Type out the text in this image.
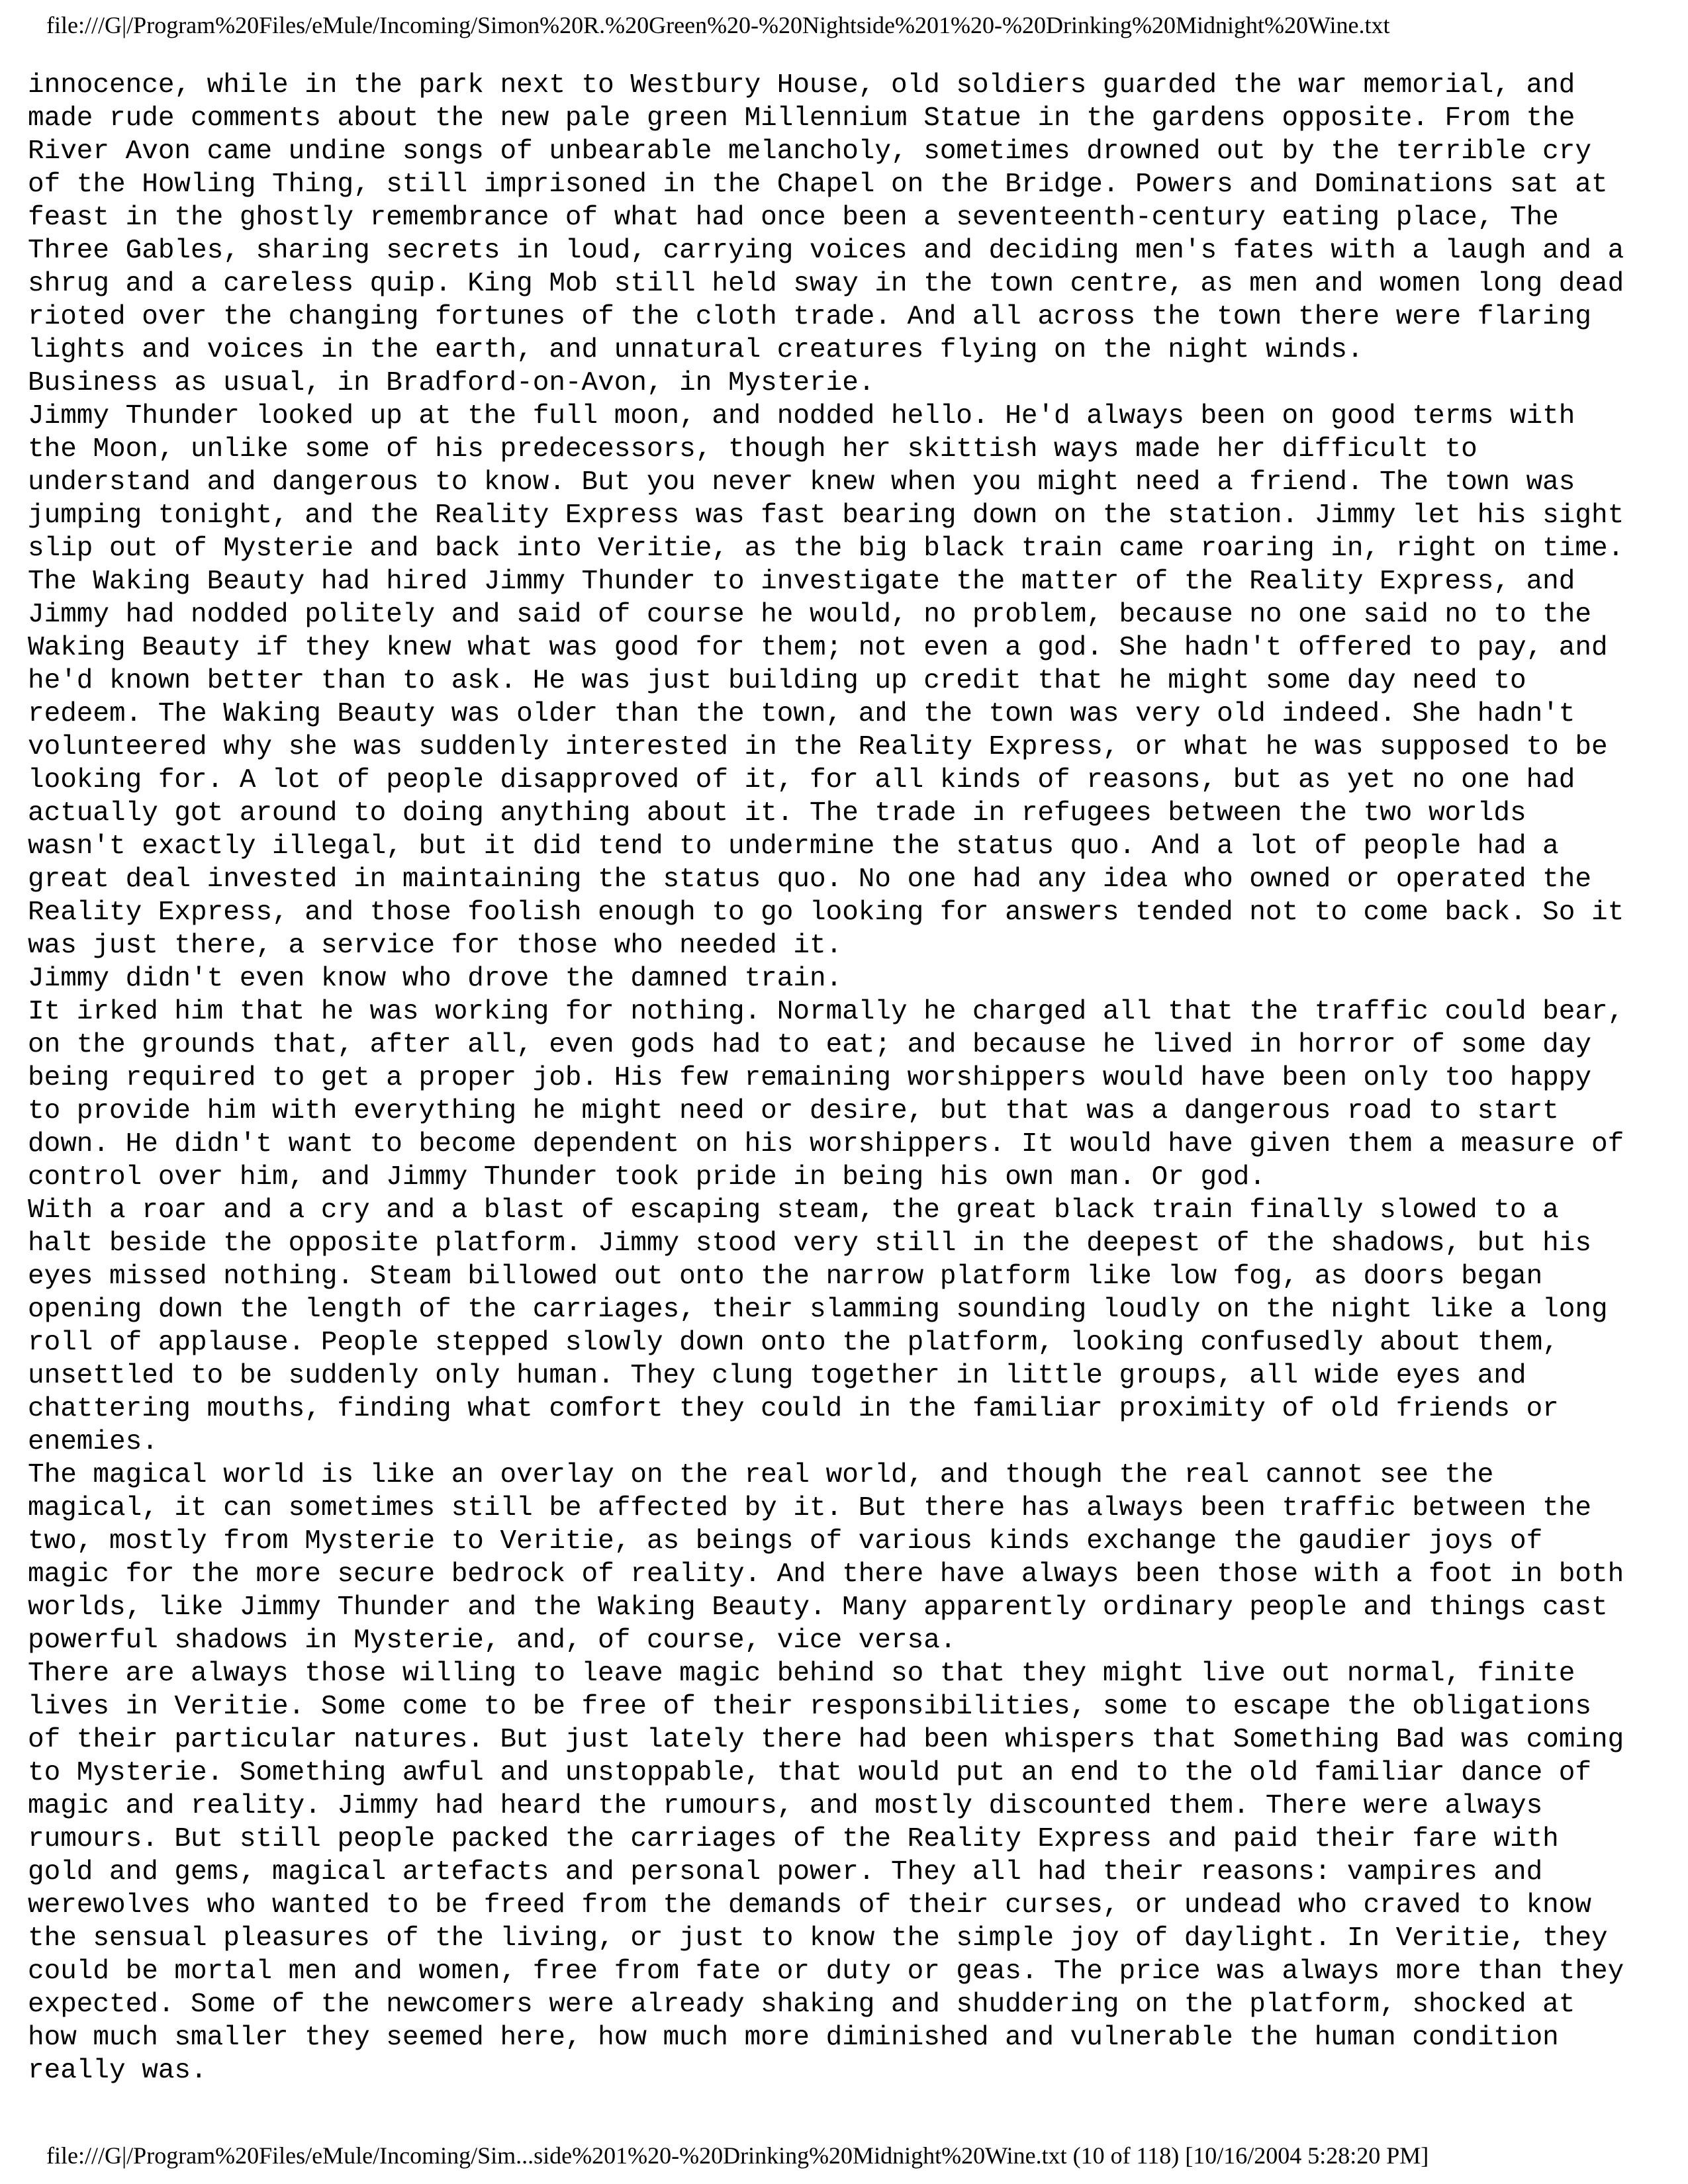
file:///G|/Program%20Files/eMule/Incoming/Simon%20R.%20Green%20-%20Nightside%201%20-%20Drinking%20Midnight%20Wine.txt
innocence, while in the park next to Westbury House, old soldiers guarded the war memorial, and
made rude comments about the new pale green Millennium Statue in the gardens opposite. From the
River Avon came undine songs of unbearable melancholy, sometimes drowned out by the terrible cry
of the Howling Thing, still imprisoned in the Chapel on the Bridge. Powers and Dominations sat at
feast in the ghostly remembrance of what had once been a seventeenth-century eating place, The
Three Gables, sharing secrets in loud, carrying voices and deciding men's fates with a laugh and a
shrug and a careless quip. King Mob still held sway in the town centre, as men and women long dead
rioted over the changing fortunes of the cloth trade. And all across the town there were flaring
lights and voices in the earth, and unnatural creatures flying on the night winds.
Business as usual, in Bradford-on-Avon, in Mysterie.
Jimmy Thunder looked up at the full moon, and nodded hello. He'd always been on good terms with
the Moon, unlike some of his predecessors, though her skittish ways made her difficult to
understand and dangerous to know. But you never knew when you might need a friend. The town was
jumping tonight, and the Reality Express was fast bearing down on the station. Jimmy let his sight
slip out of Mysterie and back into Veritie, as the big black train came roaring in, right on time.
The Waking Beauty had hired Jimmy Thunder to investigate the matter of the Reality Express, and
Jimmy had nodded politely and said of course he would, no problem, because no one said no to the
Waking Beauty if they knew what was good for them; not even a god. She hadn't offered to pay, and
he'd known better than to ask. He was just building up credit that he might some day need to
redeem. The Waking Beauty was older than the town, and the town was very old indeed. She hadn't
volunteered why she was suddenly interested in the Reality Express, or what he was supposed to be
looking for. A lot of people disapproved of it, for all kinds of reasons, but as yet no one had
actually got around to doing anything about it. The trade in refugees between the two worlds
wasn't exactly illegal, but it did tend to undermine the status quo. And a lot of people had a
great deal invested in maintaining the status quo. No one had any idea who owned or operated the
Reality Express, and those foolish enough to go looking for answers tended not to come back. So it
was just there, a service for those who needed it.
Jimmy didn't even know who drove the damned train.
It irked him that he was working for nothing. Normally he charged all that the traffic could bear,
on the grounds that, after all, even gods had to eat; and because he lived in horror of some day
being required to get a proper job. His few remaining worshippers would have been only too happy
to provide him with everything he might need or desire, but that was a dangerous road to start
down. He didn't want to become dependent on his worshippers. It would have given them a measure of
control over him, and Jimmy Thunder took pride in being his own man. Or god.
With a roar and a cry and a blast of escaping steam, the great black train finally slowed to a
halt beside the opposite platform. Jimmy stood very still in the deepest of the shadows, but his
eyes missed nothing. Steam billowed out onto the narrow platform like low fog, as doors began
opening down the length of the carriages, their slamming sounding loudly on the night like a long
roll of applause. People stepped slowly down onto the platform, looking confusedly about them,
unsettled to be suddenly only human. They clung together in little groups, all wide eyes and
chattering mouths, finding what comfort they could in the familiar proximity of old friends or
enemies.
The magical world is like an overlay on the real world, and though the real cannot see the
magical, it can sometimes still be affected by it. But there has always been traffic between the
two, mostly from Mysterie to Veritie, as beings of various kinds exchange the gaudier joys of
magic for the more secure bedrock of reality. And there have always been those with a foot in both
worlds, like Jimmy Thunder and the Waking Beauty. Many apparently ordinary people and things cast
powerful shadows in Mysterie, and, of course, vice versa.
There are always those willing to leave magic behind so that they might live out normal, finite
lives in Veritie. Some come to be free of their responsibilities, some to escape the obligations
of their particular natures. But just lately there had been whispers that Something Bad was coming
to Mysterie. Something awful and unstoppable, that would put an end to the old familiar dance of
magic and reality. Jimmy had heard the rumours, and mostly discounted them. There were always
rumours. But still people packed the carriages of the Reality Express and paid their fare with
gold and gems, magical artefacts and personal power. They all had their reasons: vampires and
werewolves who wanted to be freed from the demands of their curses, or undead who craved to know
the sensual pleasures of the living, or just to know the simple joy of daylight. In Veritie, they
could be mortal men and women, free from fate or duty or geas. The price was always more than they
expected. Some of the newcomers were already shaking and shuddering on the platform, shocked at
how much smaller they seemed here, how much more diminished and vulnerable the human condition
really was.
file:///G|/Program%20Files/eMule/Incoming/Sim...side%201%20-%20Drinking%20Midnight%20Wine.txt (10 of 118) [10/16/2004 5:28:20 PM]
